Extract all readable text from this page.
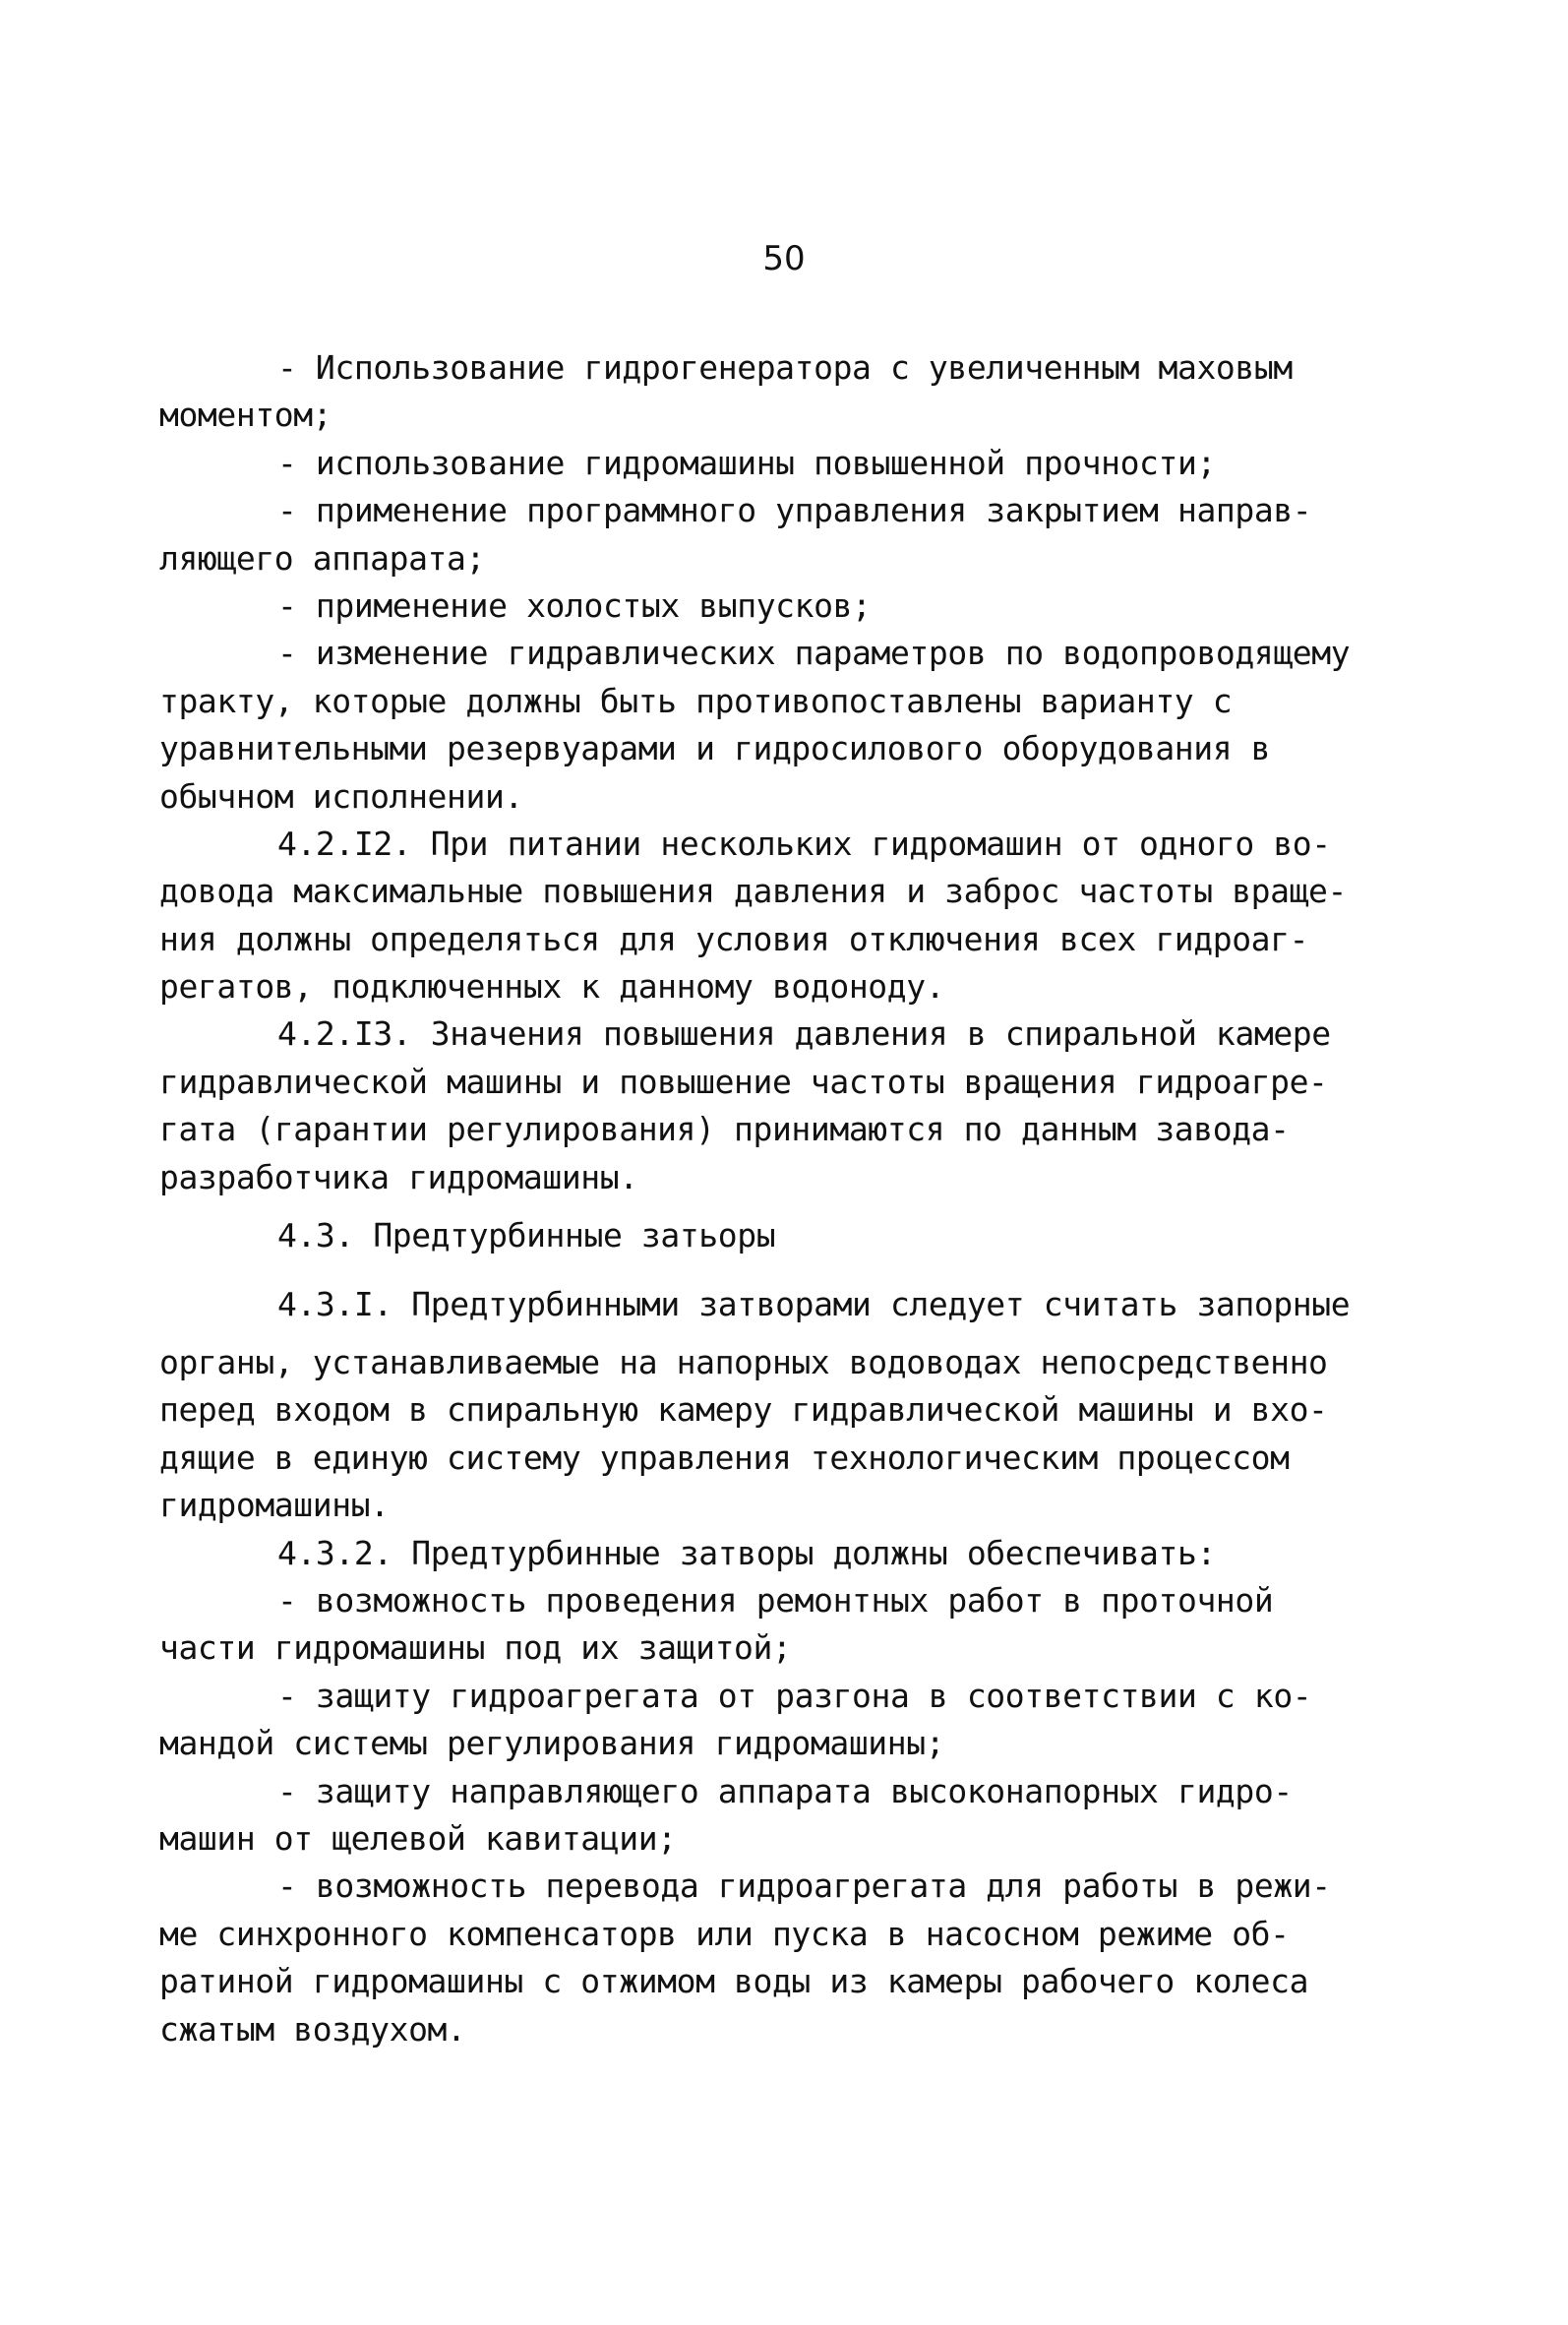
50
- Использование гидрогенератора с увеличенным маховым
моментом;
- использование гидромашины повышенной прочности;
- применение программного управления закрытием направ-
ляющего аппарата;
- применение холостых выпусков;
- изменение гидравлических параметров по водопроводящему
тракту, которые должны быть противопоставлены варианту с
уравнительными резервуарами и гидросилового оборудования в
обычном исполнении.
4.2.I2. При питании нескольких гидромашин от одного во-
довода максимальные повышения давления и заброс частоты враще-
ния должны определяться для условия отключения всех гидроаг-
регатов, подключенных к данному водоноду.
4.2.I3. Значения повышения давления в спиральной камере
гидравлической машины и повышение частоты вращения гидроагре-
гата (гарантии регулирования) принимаются по данным завода-
разработчика гидромашины.
4.3. Предтурбинные затьоры
4.3.I. Предтурбинными затворами следует считать запорные
органы, устанавливаемые на напорных водоводах непосредственно
перед входом в спиральную камеру гидравлической машины и вхо-
дящие в единую систему управления технологическим процессом
гидромашины.
4.3.2. Предтурбинные затворы должны обеспечивать:
- возможность проведения ремонтных работ в проточной
части гидромашины под их защитой;
- защиту гидроагрегата от разгона в соответствии с ко-
мандой системы регулирования гидромашины;
- защиту направляющего аппарата высоконапорных гидро-
машин от щелевой кавитации;
- возможность перевода гидроагрегата для работы в режи-
ме синхронного компенсаторв или пуска в насосном режиме об-
ратиной гидромашины с отжимом воды из камеры рабочего колеса
сжатым воздухом.
